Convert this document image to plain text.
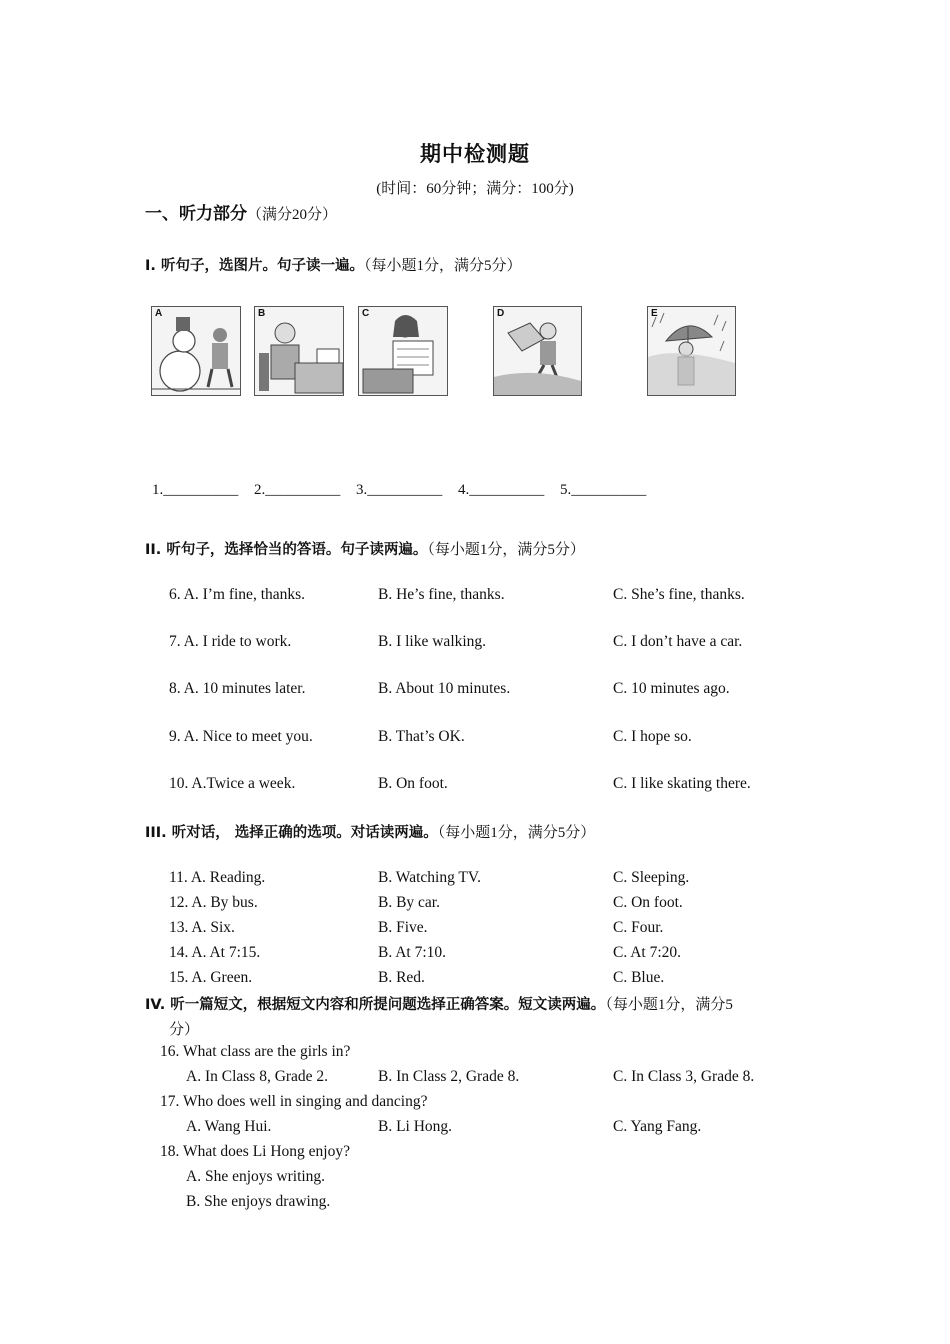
期中检测题
(时间：60分钟；满分：100分)
一、听力部分（满分20分）
I. 听句子，选图片。句子读一遍。（每小题1分，满分5分）
A	B	C	D	E
1.__________ 2.__________ 3.__________ 4.__________ 5.__________
II. 听句子，选择恰当的答语。句子读两遍。（每小题1分，满分5分）
6. A. I’m fine, thanks.	B. He’s fine, thanks.	C. She’s fine, thanks.
7. A. I ride to work.	B. I like walking.	C. I don’t have a car.
8. A. 10 minutes later.	B. About 10 minutes.	C. 10 minutes ago.
9. A. Nice to meet you.	B. That’s OK.	C. I hope so.
10. A.Twice a week.	B. On foot.	C. I like skating there.
III. 听对话， 选择正确的选项。对话读两遍。（每小题1分，满分5分）
11. A. Reading.	B. Watching TV.	C. Sleeping.
12. A. By bus.	B. By car.	C. On foot.
13. A. Six.	B. Five.	C. Four.
14. A. At 7:15.	B. At 7:10.	C. At 7:20.
15. A. Green.	B. Red.	C. Blue.
IV. 听一篇短文，根据短文内容和所提问题选择正确答案。短文读两遍。（每小题1分，满分5
分）
16. What class are the girls in?
A. In Class 8, Grade 2.	B. In Class 2, Grade 8.	C. In Class 3, Grade 8.
17. Who does well in singing and dancing?
A. Wang Hui.	B. Li Hong.	C. Yang Fang.
18. What does Li Hong enjoy?
A. She enjoys writing.
B. She enjoys drawing.
